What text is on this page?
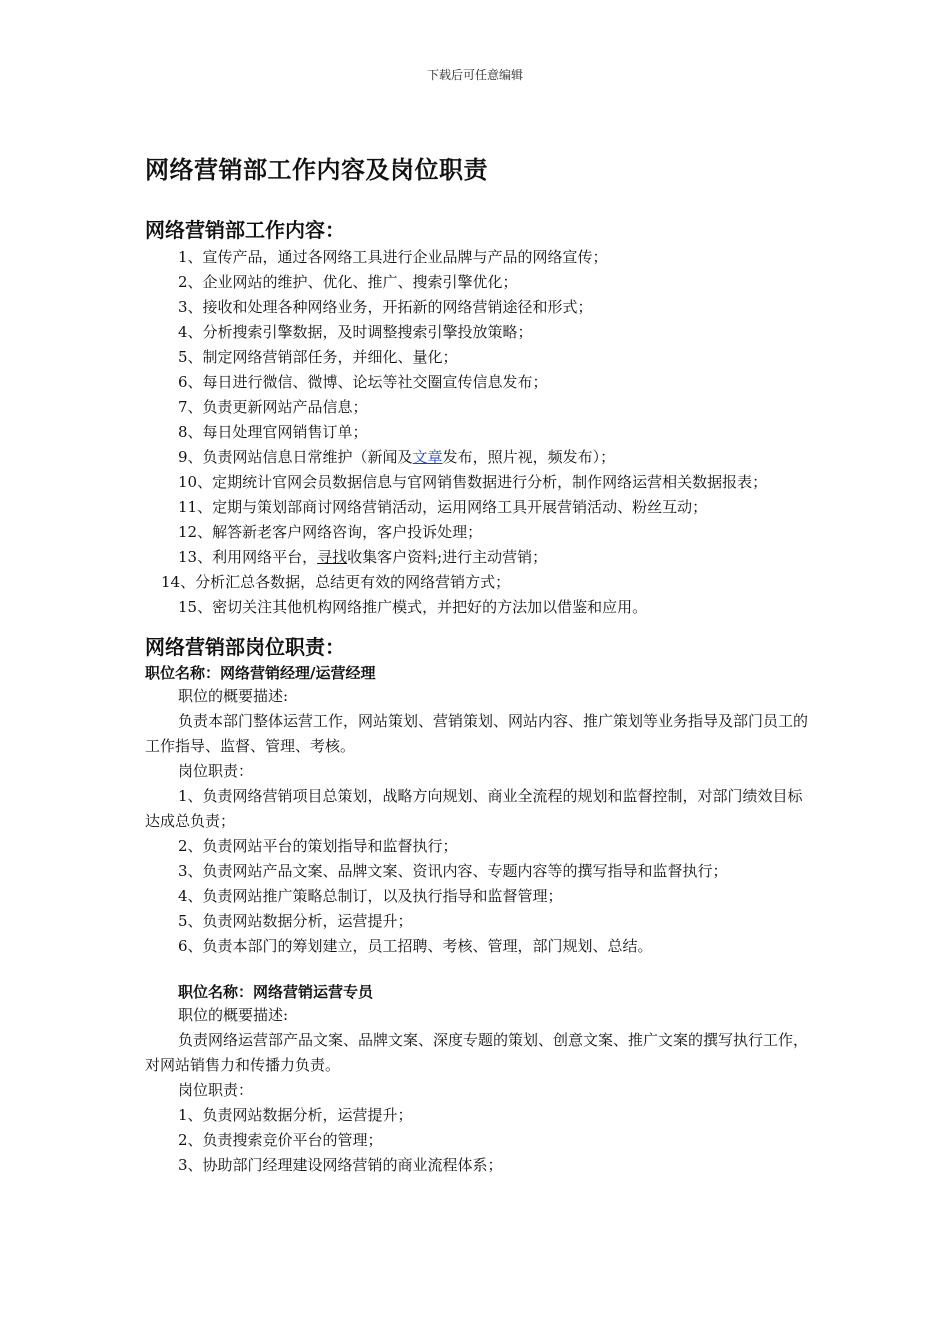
下载后可任意编辑
网络营销部工作内容及岗位职责
网络营销部工作内容：

1、宣传产品，通过各网络工具进行企业品牌与产品的网络宣传；

2、企业网站的维护、优化、推广、搜索引擎优化；

3、接收和处理各种网络业务，开拓新的网络营销途径和形式；

4、分析搜索引擎数据，及时调整搜索引擎投放策略；

5、制定网络营销部任务，并细化、量化；

6、每日进行微信、微博、论坛等社交圈宣传信息发布；

7、负责更新网站产品信息；

8、每日处理官网销售订单；

9、负责网站信息日常维护（新闻及文章发布，照片视，频发布）；

10、定期统计官网会员数据信息与官网销售数据进行分析，制作网络运营相关数据报表；

11、定期与策划部商讨网络营销活动，运用网络工具开展营销活动、粉丝互动；

12、解答新老客户网络咨询，客户投诉处理；

13、利用网络平台，寻找收集客户资料;进行主动营销；

14、分析汇总各数据，总结更有效的网络营销方式；

15、密切关注其他机构网络推广模式，并把好的方法加以借鉴和应用。

网络营销部岗位职责：

职位名称：网络营销经理/运营经理

职位的概要描述:

负责本部门整体运营工作，网站策划、营销策划、网站内容、推广策划等业务指导及部门员工的工作指导、监督、管理、考核。

岗位职责：

1、负责网络营销项目总策划，战略方向规划、商业全流程的规划和监督控制，对部门绩效目标达成总负责；

2、负责网站平台的策划指导和监督执行；

3、负责网站产品文案、品牌文案、资讯内容、专题内容等的撰写指导和监督执行；

4、负责网站推广策略总制订，以及执行指导和监督管理；

5、负责网站数据分析，运营提升；

6、负责本部门的筹划建立，员工招聘、考核、管理，部门规划、总结。

职位名称：网络营销运营专员

职位的概要描述:

负责网络运营部产品文案、品牌文案、深度专题的策划、创意文案、推广文案的撰写执行工作，对网站销售力和传播力负责。

岗位职责：

1、负责网站数据分析，运营提升；

2、负责搜索竞价平台的管理；

3、协助部门经理建设网络营销的商业流程体系；
